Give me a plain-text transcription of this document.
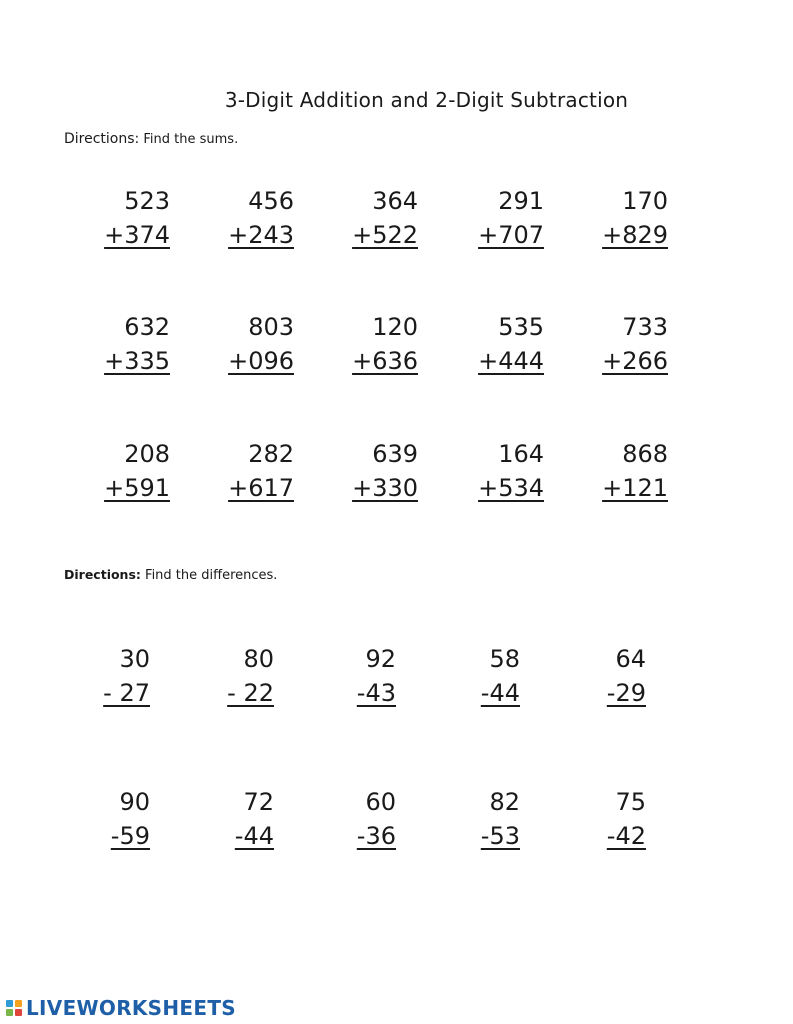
3-Digit Addition and 2-Digit Subtraction
Directions: Find the sums.
523
+374
456
+243
364
+522
291
+707
170
+829
632
+335
803
+096
120
+636
535
+444
733
+266
208
+591
282
+617
639
+330
164
+534
868
+121
Directions: Find the differences.
30
- 27
80
- 22
92
-43
58
-44
64
-29
90
-59
72
-44
60
-36
82
-53
75
-42
LIVEWORKSHEETS
